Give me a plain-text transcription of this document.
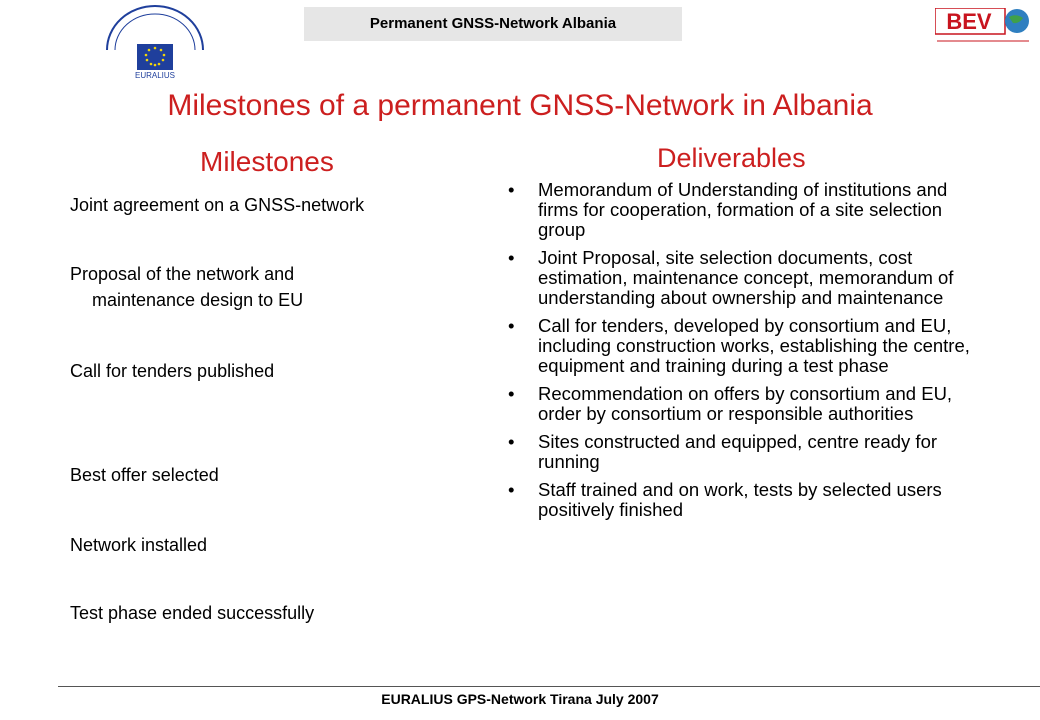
Permanent GNSS-Network Albania
EURALIUS
BEV
Milestones of a permanent GNSS-Network in Albania
Milestones
Joint agreement on a GNSS-network
Proposal of the network and
maintenance design to EU
Call for tenders published
Best offer selected
Network installed
Test phase ended successfully
Deliverables
• Memorandum of Understanding of institutions and firms for cooperation, formation of a site selection group
• Joint Proposal, site selection documents, cost estimation, maintenance concept, memorandum of understanding about ownership and maintenance
• Call for tenders, developed by consortium and EU, including construction works, establishing the centre, equipment and training during a test phase
• Recommendation on offers by consortium and EU, order by consortium or responsible authorities
• Sites constructed and equipped, centre ready for running
• Staff trained and on work, tests by selected users positively finished
EURALIUS GPS-Network Tirana July 2007
